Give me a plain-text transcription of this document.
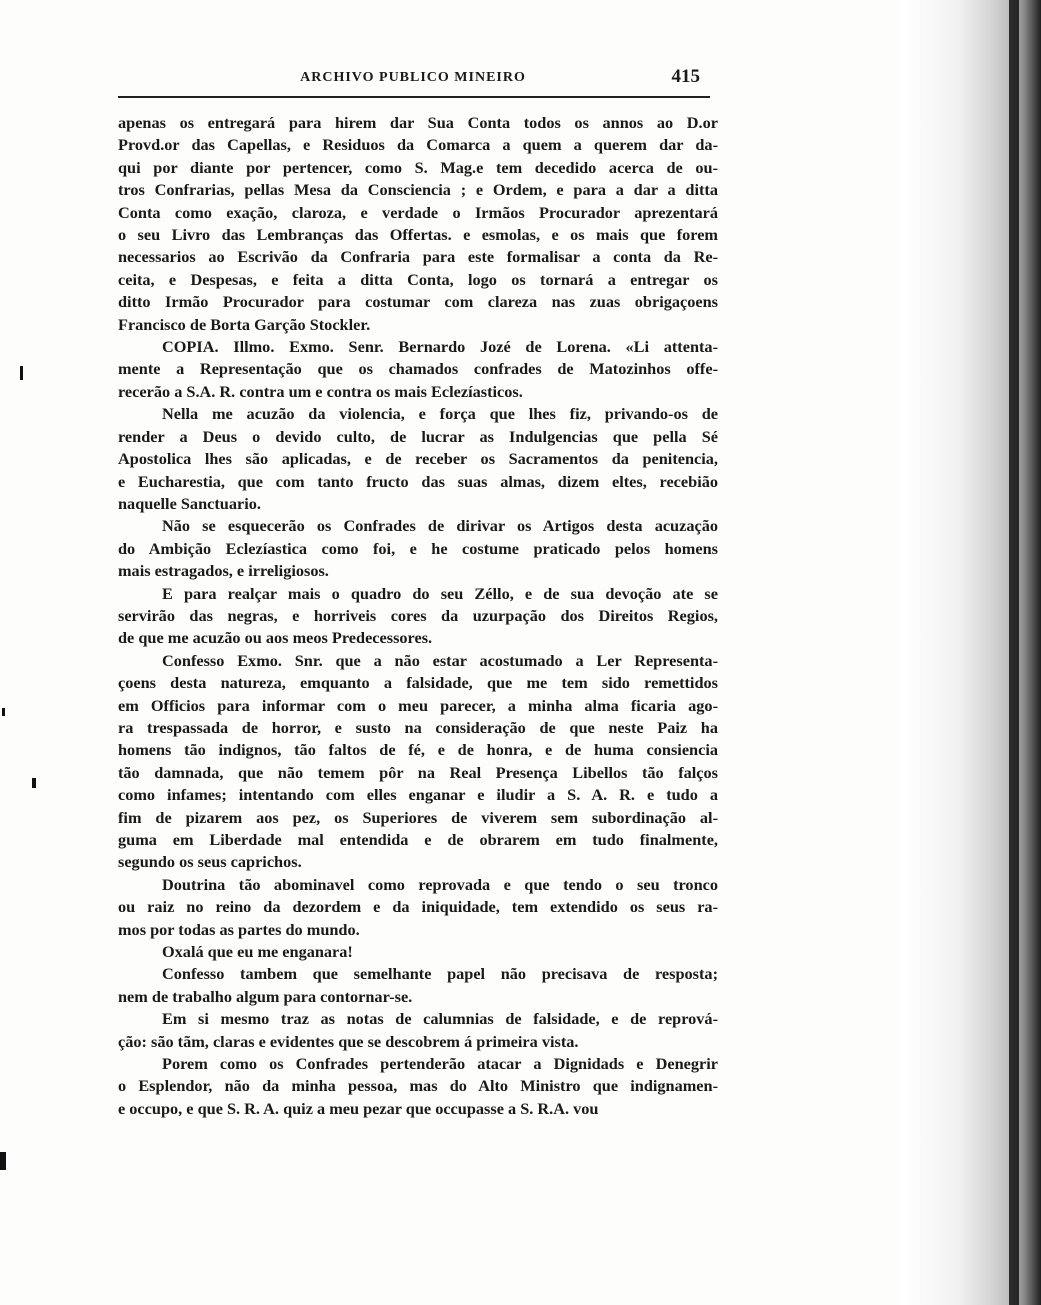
ARCHIVO PUBLICO MINEIRO	415

apenas os entregará para hirem dar Sua Conta todos os annos ao D.or
Provd.or das Capellas, e Residuos da Comarca a quem a querem dar da-
qui por diante por pertencer, como S. Mag.e tem decedido acerca de ou-
tros Confrarias, pellas Mesa da Consciencia ; e Ordem, e para a dar a ditta
Conta como exação, claroza, e verdade o Irmãos Procurador aprezentará
o seu Livro das Lembranças das Offertas. e esmolas, e os mais que forem
necessarios ao Escrivão da Confraria para este formalisar a conta da Re-
ceita, e Despesas, e feita a ditta Conta, logo os tornará a entregar os
ditto Irmão Procurador para costumar com clareza nas zuas obrigaçoens
Francisco de Borta Garção Stockler.

COPIA. Illmo. Exmo. Senr. Bernardo Jozé de Lorena. «Li attenta-
mente a Representação que os chamados confrades de Matozinhos offe-
recerão a S.A. R. contra um e contra os mais Eclezíasticos.

Nella me acuzão da violencia, e força que lhes fiz, privando-os de
render a Deus o devido culto, de lucrar as Indulgencias que pella Sé
Apostolica lhes são aplicadas, e de receber os Sacramentos da penitencia,
e Eucharestia, que com tanto fructo das suas almas, dizem eltes, recebião
naquelle Sanctuario.

Não se esquecerão os Confrades de dirivar os Artigos desta acuzação
do Ambição Eclezíastica como foi, e he costume praticado pelos homens
mais estragados, e irreligiosos.

E para realçar mais o quadro do seu Zéllo, e de sua devoção ate se
servirão das negras, e horriveis cores da uzurpação dos Direitos Regios,
de que me acuzão ou aos meos Predecessores.

Confesso Exmo. Snr. que a não estar acostumado a Ler Representa-
çoens desta natureza, emquanto a falsidade, que me tem sido remettidos
em Officios para informar com o meu parecer, a minha alma ficaria ago-
ra trespassada de horror, e susto na consideração de que neste Paiz ha
homens tão indignos, tão faltos de fé, e de honra, e de huma consiencia
tão damnada, que não temem pôr na Real Presença Libellos tão falços
como infames; intentando com elles enganar e iludir a S. A. R. e tudo a
fim de pizarem aos pez, os Superiores de viverem sem subordinação al-
guma em Liberdade mal entendida e de obrarem em tudo finalmente,
segundo os seus caprichos.

Doutrina tão abominavel como reprovada e que tendo o seu tronco
ou raiz no reino da dezordem e da iniquidade, tem extendido os seus ra-
mos por todas as partes do mundo.

Oxalá que eu me enganara!

Confesso tambem que semelhante papel não precisava de resposta;
nem de trabalho algum para contornar-se.

Em si mesmo traz as notas de calumnias de falsidade, e de reprová-
ção: são tãm, claras e evidentes que se descobrem á primeira vista.

Porem como os Confrades pertenderão atacar a Dignidads e Denegrir
o Esplendor, não da minha pessoa, mas do Alto Ministro que indignamen-
e occupo, e que S. R. A. quiz a meu pezar que occupasse a S. R.A. vou
